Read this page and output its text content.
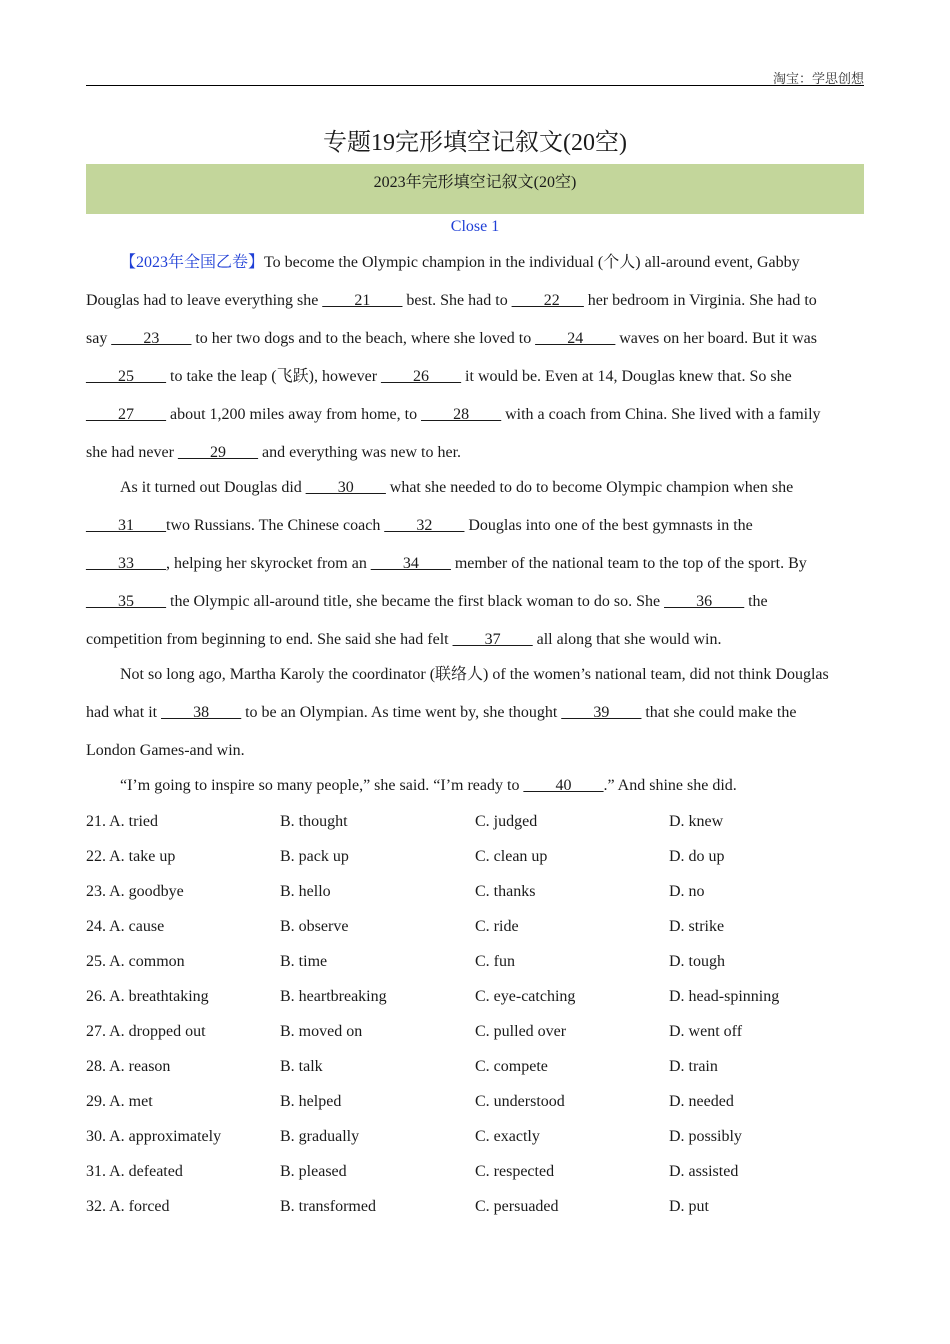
淘宝：学思创想
专题19完形填空记叙文(20空)
2023年完形填空记叙文(20空)
Close 1
【2023年全国乙卷】To become the Olympic champion in the individual (个人) all-around event, Gabby
Douglas had to leave everything she ____21____ best. She had to ____22___ her bedroom in Virginia. She had to
say ____23____ to her two dogs and to the beach, where she loved to ____24____ waves on her board. But it was
____25____ to take the leap (飞跃), however ____26____ it would be. Even at 14, Douglas knew that. So she
____27____ about 1,200 miles away from home, to ____28____ with a coach from China. She lived with a family
she had never ____29____ and everything was new to her.
As it turned out Douglas did ____30____ what she needed to do to become Olympic champion when she
____31____two Russians. The Chinese coach ____32____ Douglas into one of the best gymnasts in the
____33____, helping her skyrocket from an ____34____ member of the national team to the top of the sport. By
____35____ the Olympic all-around title, she became the first black woman to do so. She ____36____ the
competition from beginning to end. She said she had felt ____37____ all along that she would win.
Not so long ago, Martha Karoly the coordinator (联络人) of the women’s national team, did not think Douglas
had what it ____38____ to be an Olympian. As time went by, she thought ____39____ that she could make the
London Games-and win.
“I’m going to inspire so many people,” she said. “I’m ready to ____40____.” And shine she did.
21. A. tried	B. thought	C. judged	D. knew
22. A. take up	B. pack up	C. clean up	D. do up
23. A. goodbye	B. hello	C. thanks	D. no
24. A. cause	B. observe	C. ride	D. strike
25. A. common	B. time	C. fun	D. tough
26. A. breathtaking	B. heartbreaking	C. eye-catching	D. head-spinning
27. A. dropped out	B. moved on	C. pulled over	D. went off
28. A. reason	B. talk	C. compete	D. train
29. A. met	B. helped	C. understood	D. needed
30. A. approximately	B. gradually	C. exactly	D. possibly
31. A. defeated	B. pleased	C. respected	D. assisted
32. A. forced	B. transformed	C. persuaded	D. put
